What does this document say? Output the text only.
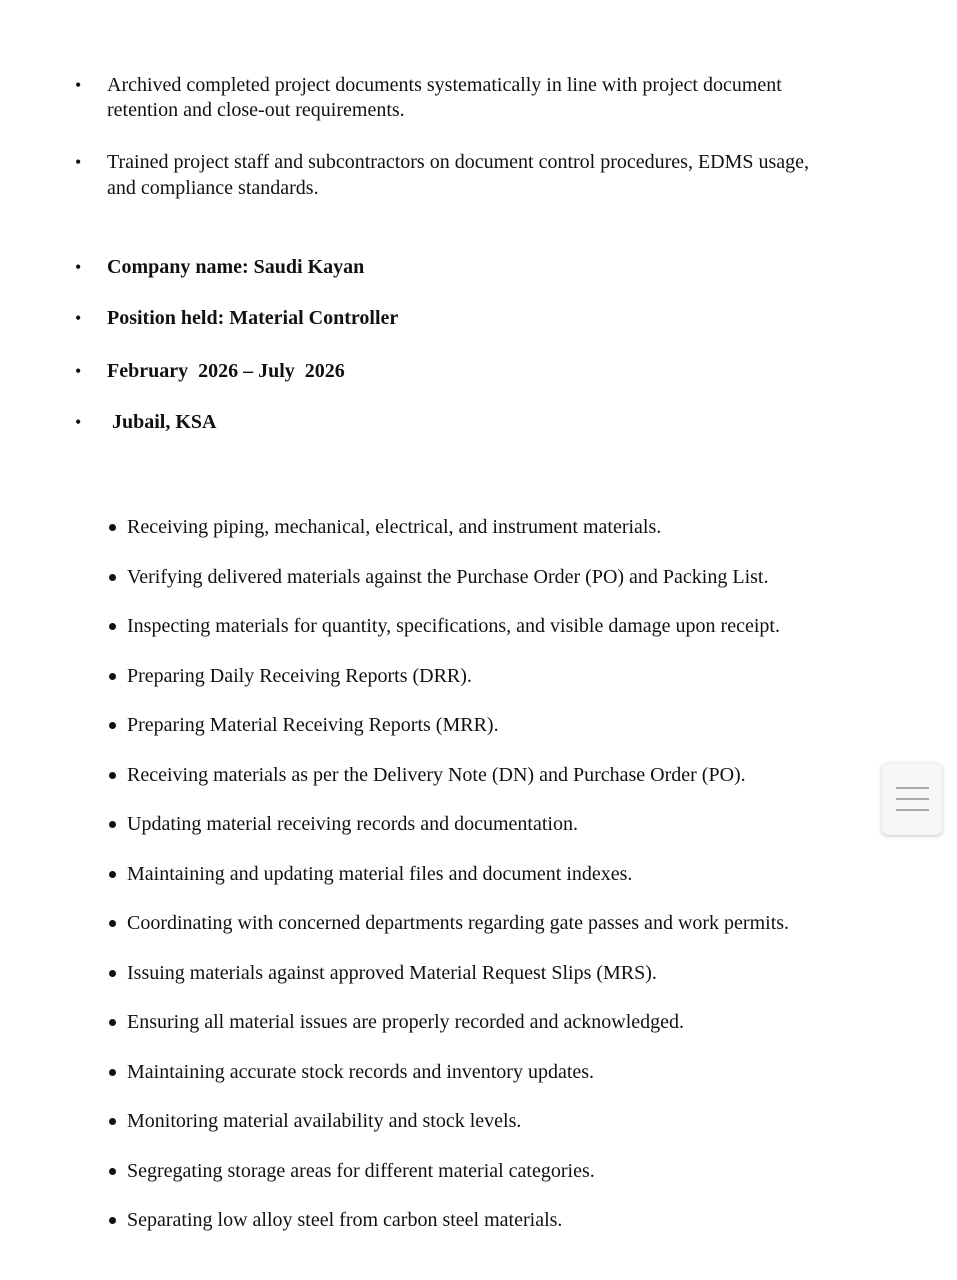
• Archived completed project documents systematically in line with project document
retention and close-out requirements.
• Trained project staff and subcontractors on document control procedures, EDMS usage,
and compliance standards.
• Company name: Saudi Kayan
• Position held: Material Controller
• February  2026 – July  2026
• Jubail, KSA
Receiving piping, mechanical, electrical, and instrument materials.
Verifying delivered materials against the Purchase Order (PO) and Packing List.
Inspecting materials for quantity, specifications, and visible damage upon receipt.
Preparing Daily Receiving Reports (DRR).
Preparing Material Receiving Reports (MRR).
Receiving materials as per the Delivery Note (DN) and Purchase Order (PO).
Updating material receiving records and documentation.
Maintaining and updating material files and document indexes.
Coordinating with concerned departments regarding gate passes and work permits.
Issuing materials against approved Material Request Slips (MRS).
Ensuring all material issues are properly recorded and acknowledged.
Maintaining accurate stock records and inventory updates.
Monitoring material availability and stock levels.
Segregating storage areas for different material categories.
Separating low alloy steel from carbon steel materials.
